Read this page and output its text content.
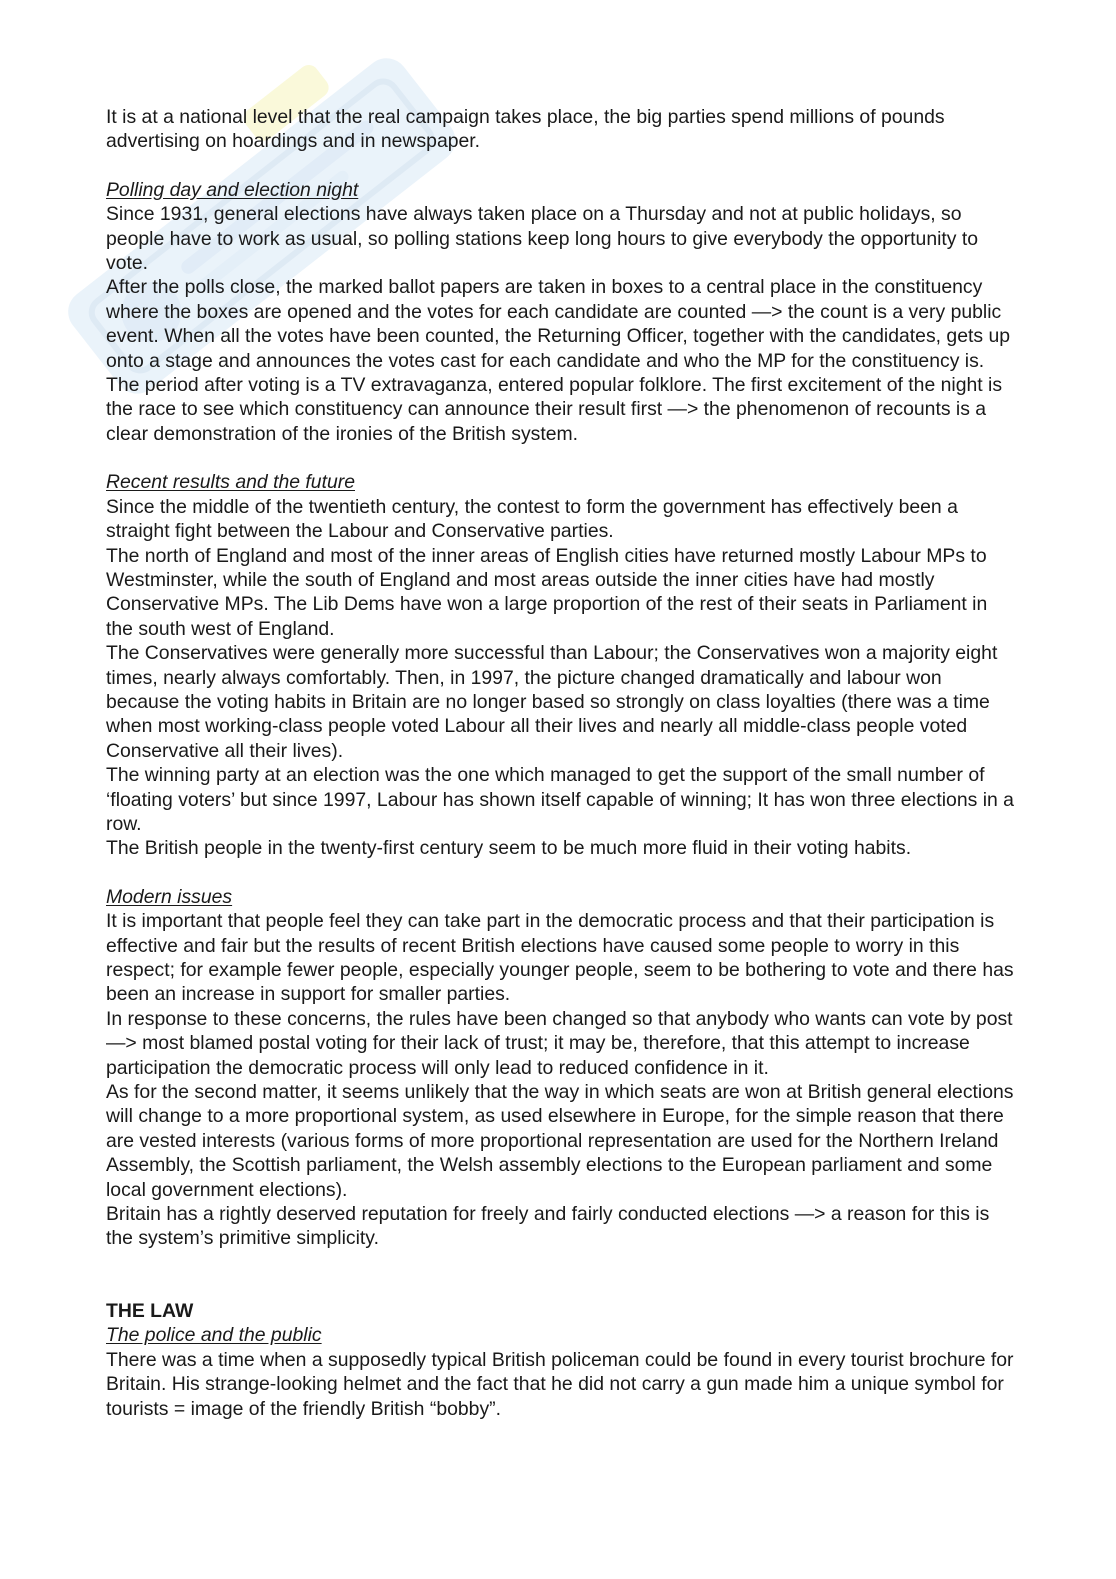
It is at a national level that the real campaign takes place, the big parties spend millions of pounds advertising on hoardings and in newspaper.

Polling day and election night

Since 1931, general elections have always taken place on a Thursday and not at public holidays, so people have to work as usual, so polling stations keep long hours to give everybody the opportunity to vote.

After the polls close, the marked ballot papers are taken in boxes to a central place in the constituency where the boxes are opened and the votes for each candidate are counted —> the count is a very public event. When all the votes have been counted, the Returning Officer, together with the candidates, gets up onto a stage and announces the votes cast for each candidate and who the MP for the constituency is.

The period after voting is a TV extravaganza, entered popular folklore. The first excitement of the night is the race to see which constituency can announce their result first —> the phenomenon of recounts is a clear demonstration of the ironies of the British system.

Recent results and the future

Since the middle of the twentieth century, the contest to form the government has effectively been a straight fight between the Labour and Conservative parties.

The north of England and most of the inner areas of English cities have returned mostly Labour MPs to Westminster, while the south of England and most areas outside the inner cities have had mostly Conservative MPs. The Lib Dems have won a large proportion of the rest of their seats in Parliament in the south west of England.

The Conservatives were generally more successful than Labour; the Conservatives won a majority eight times, nearly always comfortably. Then, in 1997, the picture changed dramatically and labour won because the voting habits in Britain are no longer based so strongly on class loyalties (there was a time when most working-class people voted Labour all their lives and nearly all middle-class people voted Conservative all their lives).

The winning party at an election was the one which managed to get the support of the small number of ‘floating voters’ but since 1997, Labour has shown itself capable of winning; It has won three elections in a row.

The British people in the twenty-first century seem to be much more fluid in their voting habits.

Modern issues

It is important that people feel they can take part in the democratic process and that their participation is effective and fair but the results of recent British elections have caused some people to worry in this respect; for example fewer people, especially younger people, seem to be bothering to vote and there has been an increase in support for smaller parties.

In response to these concerns, the rules have been changed so that anybody who wants can vote by post—> most blamed postal voting for their lack of trust; it may be, therefore, that this attempt to increase participation the democratic process will only lead to reduced confidence in it.

As for the second matter, it seems unlikely that the way in which seats are won at British general elections will change to a more proportional system, as used elsewhere in Europe, for the simple reason that there are vested interests (various forms of more proportional representation are used for the Northern Ireland Assembly, the Scottish parliament, the Welsh assembly elections to the European parliament and some local government elections).

Britain has a rightly deserved reputation for freely and fairly conducted elections —> a reason for this is the system’s primitive simplicity.

THE LAW

The police and the public

There was a time when a supposedly typical British policeman could be found in every tourist brochure for Britain. His strange-looking helmet and the fact that he did not carry a gun made him a unique symbol for tourists = image of the friendly British “bobby”.
